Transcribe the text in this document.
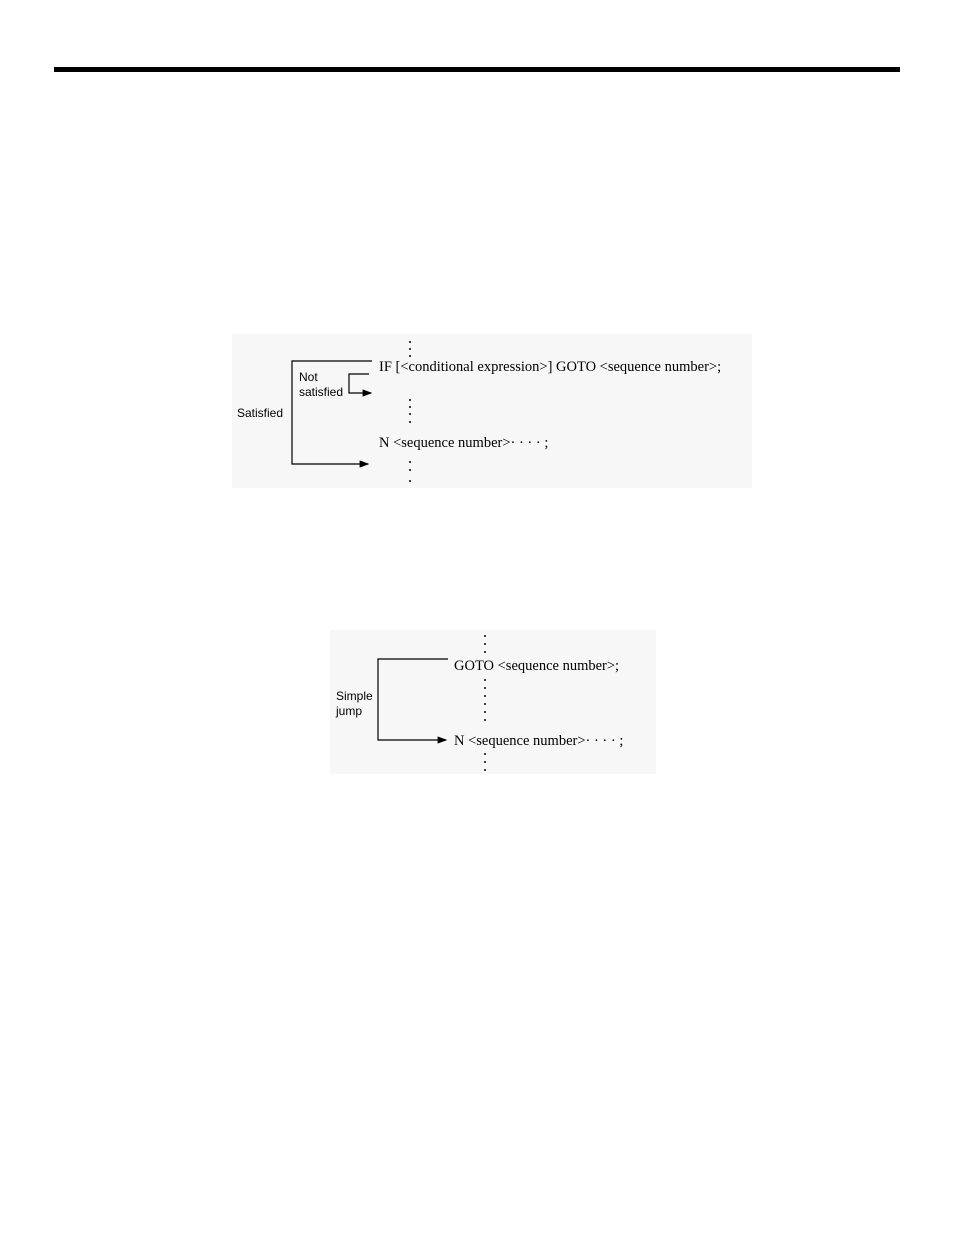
IF [<conditional expression>] GOTO <sequence number>;
N <sequence number>· · · · ;
Satisfied
Not
satisfied
GOTO <sequence number>;
N <sequence number>· · · · ;
Simple
jump
